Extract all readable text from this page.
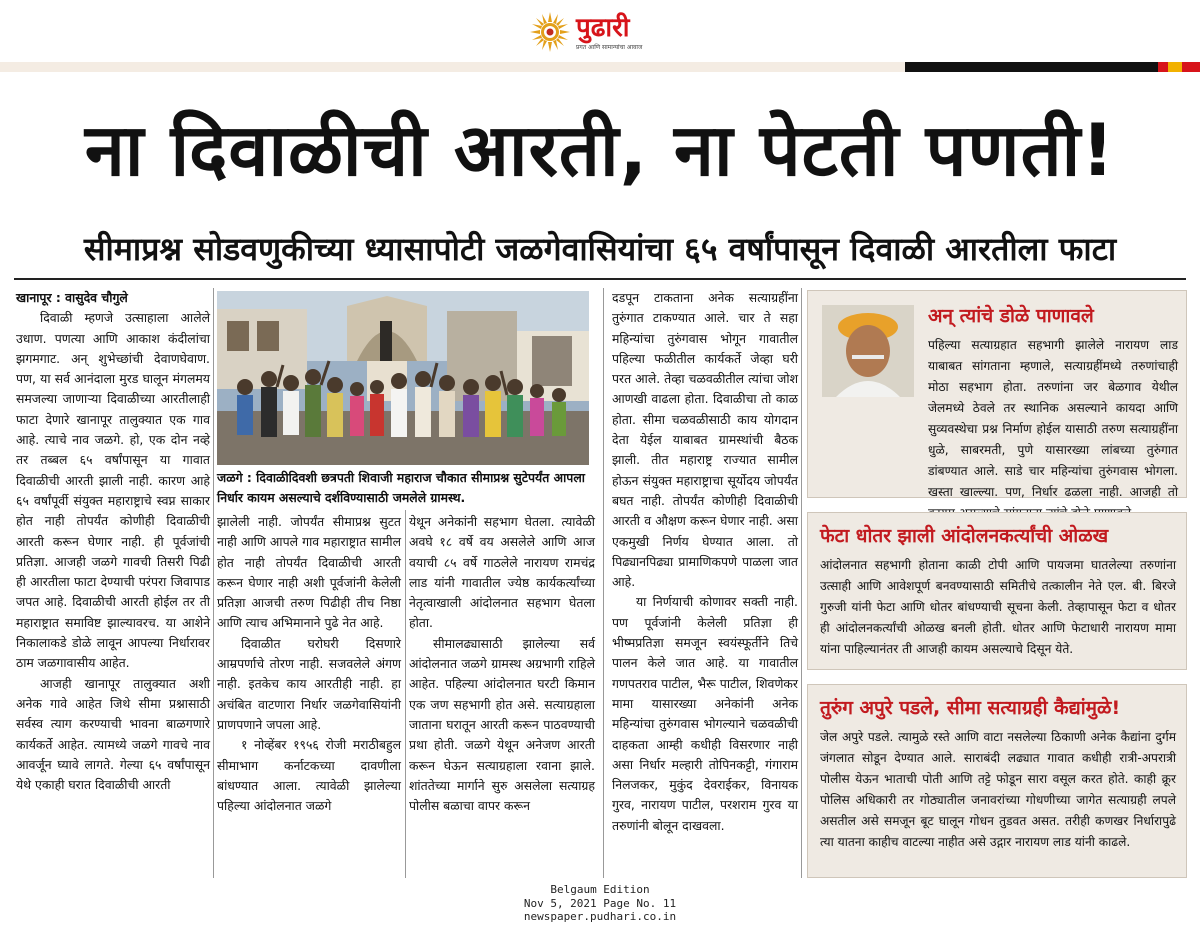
पुढारी
प्रगत आणि सामान्यांचा आवाज
ना दिवाळीची आरती, ना पेटती पणती!
सीमाप्रश्न सोडवणुकीच्या ध्यासापोटी जळगेवासियांचा ६५ वर्षांपासून दिवाळी आरतीला फाटा

खानापूर : वासुदेव चौगुले

दिवाळी म्हणजे उत्साहाला आलेले उधाण. पणत्या आणि आकाश कंदीलांचा झगमगाट. अन् शुभेच्छांची देवाणघेवाण. पण, या सर्व आनंदाला मुरड घालून मंगलमय समजल्या जाणाऱ्या दिवाळीच्या आरतीलाही फाटा देणारे खानापूर तालुक्यात एक गाव आहे. त्याचे नाव जळगे. हो, एक दोन नव्हे तर तब्बल ६५ वर्षांपासून या गावात दिवाळीची आरती झाली नाही. कारण आहे ६५ वर्षांपूर्वी संयुक्त महाराष्ट्राचे स्वप्न साकार होत नाही तोपर्यंत कोणीही दिवाळीची आरती करून घेणार नाही. ही पूर्वजांची प्रतिज्ञा. आजही जळगे गावची तिसरी पिढी ही आरतीला फाटा देण्याची परंपरा जिवापाड जपत आहे. दिवाळीची आरती होईल तर ती महाराष्ट्रात समाविष्ट झाल्यावरच. या आशेने निकालाकडे डोळे लावून आपल्या निर्धारावर ठाम जळगावासीय आहेत.

आजही खानापूर तालुक्यात अशी अनेक गावे आहेत जिथे सीमा प्रश्नासाठी सर्वस्व त्याग करण्याची भावना बाळगणारे कार्यकर्ते आहेत. त्यामध्ये जळगे गावचे नाव आवर्जून घ्यावे लागते. गेल्या ६५ वर्षांपासून येथे एकाही घरात दिवाळीची आरती

जळगे : दिवाळीदिवशी छत्रपती शिवाजी महाराज चौकात सीमाप्रश्न सुटेपर्यंत आपला निर्धार कायम असल्याचे दर्शविण्यासाठी जमलेले ग्रामस्थ.

झालेली नाही. जोपर्यंत सीमाप्रश्न सुटत नाही आणि आपले गाव महाराष्ट्रात सामील होत नाही तोपर्यंत दिवाळीची आरती करून घेणार नाही अशी पूर्वजांनी केलेली प्रतिज्ञा आजची तरुण पिढीही तीच निष्ठा आणि त्याच अभिमानाने पुढे नेत आहे.

दिवाळीत घरोघरी दिसणारे आम्रपर्णाचे तोरण नाही. सजवलेले अंगण नाही. इतकेच काय आरतीही नाही. हा अचंबित वाटणारा निर्धार जळगेवासियांनी प्राणपणाने जपला आहे.

१ नोव्हेंबर १९५६ रोजी मराठीबहुल सीमाभाग कर्नाटकच्या दावणीला बांधण्यात आला. त्यावेळी झालेल्या पहिल्या आंदोलनात जळगे

येथून अनेकांनी सहभाग घेतला. त्यावेळी अवघे १८ वर्षे वय असलेले आणि आज वयाची ८५ वर्षे गाठलेले नारायण रामचंद्र लाड यांनी गावातील ज्येष्ठ कार्यकर्त्यांच्या नेतृत्वाखाली आंदोलनात सहभाग घेतला होता.

सीमालढ्यासाठी झालेल्या सर्व आंदोलनात जळगे ग्रामस्थ अग्रभागी राहिले आहेत. पहिल्या आंदोलनात घरटी किमान एक जण सहभागी होत असे. सत्याग्रहाला जाताना घरातून आरती करून पाठवण्याची प्रथा होती. जळगे येथून अनेजण आरती करून घेऊन सत्याग्रहाला रवाना झाले. शांततेच्या मार्गाने सुरु असलेला सत्याग्रह पोलीस बळाचा वापर करून

दडपून टाकताना अनेक सत्याग्रहींना तुरुंगात टाकण्यात आले. चार ते सहा महिन्यांचा तुरुंगवास भोगून गावातील पहिल्या फळीतील कार्यकर्ते जेव्हा घरी परत आले. तेव्हा चळवळीतील त्यांचा जोश आणखी वाढला होता. दिवाळीचा तो काळ होता. सीमा चळवळीसाठी काय योगदान देता येईल याबाबत ग्रामस्थांची बैठक झाली. तीत महाराष्ट्र राज्यात सामील होऊन संयुक्त महाराष्ट्राचा सूर्योदय जोपर्यंत बघत नाही. तोपर्यंत कोणीही दिवाळीची आरती व औक्षण करून घेणार नाही. असा एकमुखी निर्णय घेण्यात आला. तो पिढ्यानपिढ्या प्रामाणिकपणे पाळला जात आहे.

या निर्णयाची कोणावर सक्ती नाही. पण पूर्वजांनी केलेली प्रतिज्ञा ही भीष्मप्रतिज्ञा समजून स्वयंस्फूर्तीने तिचे पालन केले जात आहे. या गावातील गणपतराव पाटील, भैरू पाटील, शिवणेकर मामा यासारख्या अनेकांनी अनेक महिन्यांचा तुरुंगवास भोगल्याने चळवळीची दाहकता आम्ही कधीही विसरणार नाही असा निर्धार मल्हारी तोपिनकट्टी, गंगाराम निलजकर, मुकुंद देवराईकर, विनायक गुरव, नारायण पाटील, परशराम गुरव या तरुणांनी बोलून दाखवला.

अन् त्यांचे डोळे पाणावले
पहिल्या सत्याग्रहात सहभागी झालेले नारायण लाड याबाबत सांगताना म्हणाले, सत्याग्रहींमध्ये तरुणांचाही मोठा सहभाग होता. तरुणांना जर बेळगाव येथील जेलमध्ये ठेवले तर स्थानिक असल्याने कायदा आणि सुव्यवस्थेचा प्रश्न निर्माण होईल यासाठी तरुण सत्याग्रहींना धुळे, साबरमती, पुणे यासारख्या लांबच्या तुरुंगात डांबण्यात आले. साडे चार महिन्यांचा तुरुंगवास भोगला. खस्ता खाल्ल्या. पण, निर्धार ढळला नाही. आजही तो
फेटा धोतर झाली आंदोलनकर्त्यांची ओळख
आंदोलनात सहभागी होताना काळी टोपी आणि पायजमा घातलेल्या तरुणांना उत्साही आणि आवेशपूर्ण बनवण्यासाठी समितीचे तत्कालीन नेते एल. बी. बिरजे गुरुजी यांनी फेटा आणि धोतर बांधण्याची सूचना केली. तेव्हापासून फेटा व धोतर ही आंदोलनकर्त्यांची ओळख बनली होती. धोतर आणि फेटाधारी नारायण मामा यांना पाहिल्यानंतर ती आजही कायम असल्याचे दिसून येते.
तुरुंग अपुरे पडले, सीमा सत्याग्रही कैद्यांमुळे!
जेल अपुरे पडले. त्यामुळे रस्ते आणि वाटा नसलेल्या ठिकाणी अनेक कैद्यांना दुर्गम जंगलात सोडून देण्यात आले. साराबंदी लढ्यात गावात कधीही रात्री-अपरात्री पोलीस येऊन भाताची पोती आणि तट्टे फोडून सारा वसूल करत होते. काही क्रूर पोलिस अधिकारी तर गोठ्यातील जनावरांच्या गोधणीच्या जागेत सत्याग्रही लपले असतील असे समजून बूट घालून गोधन तुडवत असत. तरीही कणखर निर्धारापुढे त्या यातना काहीच वाटल्या नाहीत असे उद्गार नारायण लाड यांनी काढले.
Belgaum Edition
Nov 5, 2021 Page No. 11
newspaper.pudhari.co.in
